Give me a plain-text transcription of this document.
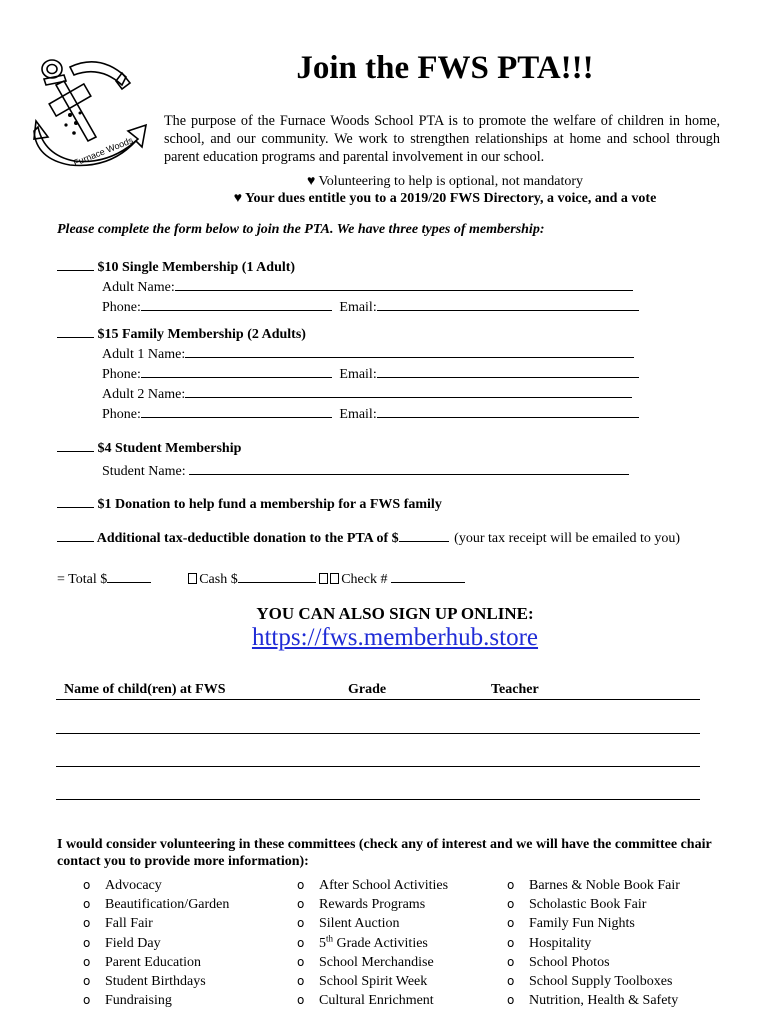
Furnace Woods
Join the FWS PTA!!!
The purpose of the Furnace Woods School PTA is to promote the welfare of children in home, school, and our community. We work to strengthen relationships at home and school through parent education programs and parental involvement in our school.
♥ Volunteering to help is optional, not mandatory
♥ Your dues entitle you to a 2019/20 FWS Directory, a voice, and a vote
Please complete the form below to join the PTA. We have three types of membership:
$10 Single Membership (1 Adult)
Adult Name:
Phone:	Email:
$15 Family Membership (2 Adults)
Adult 1 Name:
Phone:	Email:
Adult 2 Name:
Phone:	Email:
$4 Student Membership
Student Name:
$1 Donation to help fund a membership for a FWS family
Additional tax-deductible donation to the PTA of $	(your tax receipt will be emailed to you)
= Total $	Cash $	Check #
YOU CAN ALSO SIGN UP ONLINE:
https://fws.memberhub.store
Name of child(ren) at FWS	Grade	Teacher
I would consider volunteering in these committees (check any of interest and we will have the committee chair contact you to provide more information):
o Advocacy
o Beautification/Garden
o Fall Fair
o Field Day
o Parent Education
o Student Birthdays
o Fundraising
o After School Activities
o Rewards Programs
o Silent Auction
o 5th Grade Activities
o School Merchandise
o School Spirit Week
o Cultural Enrichment
o Barnes & Noble Book Fair
o Scholastic Book Fair
o Family Fun Nights
o Hospitality
o School Photos
o School Supply Toolboxes
o Nutrition, Health & Safety
